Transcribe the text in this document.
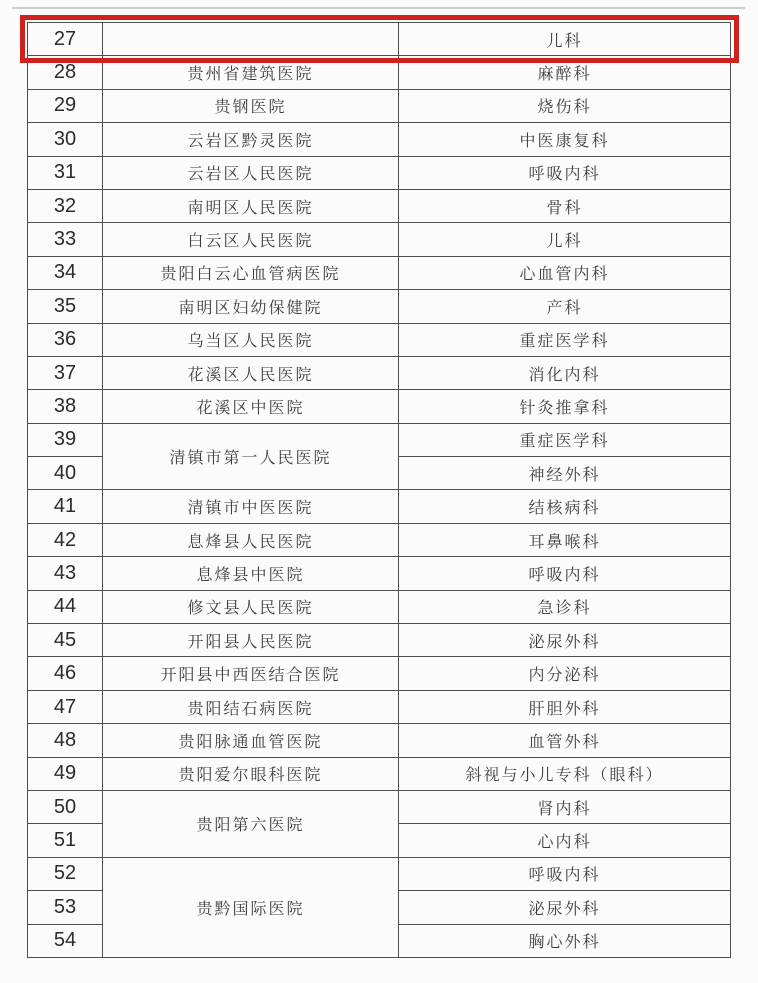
27		儿科
28	贵州省建筑医院	麻醉科
29	贵钢医院	烧伤科
30	云岩区黔灵医院	中医康复科
31	云岩区人民医院	呼吸内科
32	南明区人民医院	骨科
33	白云区人民医院	儿科
34	贵阳白云心血管病医院	心血管内科
35	南明区妇幼保健院	产科
36	乌当区人民医院	重症医学科
37	花溪区人民医院	消化内科
38	花溪区中医院	针灸推拿科
39	清镇市第一人民医院	重症医学科
40		神经外科
41	清镇市中医医院	结核病科
42	息烽县人民医院	耳鼻喉科
43	息烽县中医院	呼吸内科
44	修文县人民医院	急诊科
45	开阳县人民医院	泌尿外科
46	开阳县中西医结合医院	内分泌科
47	贵阳结石病医院	肝胆外科
48	贵阳脉通血管医院	血管外科
49	贵阳爱尔眼科医院	斜视与小儿专科（眼科）
50	贵阳第六医院	肾内科
51		心内科
52	贵黔国际医院	呼吸内科
53		泌尿外科
54		胸心外科
